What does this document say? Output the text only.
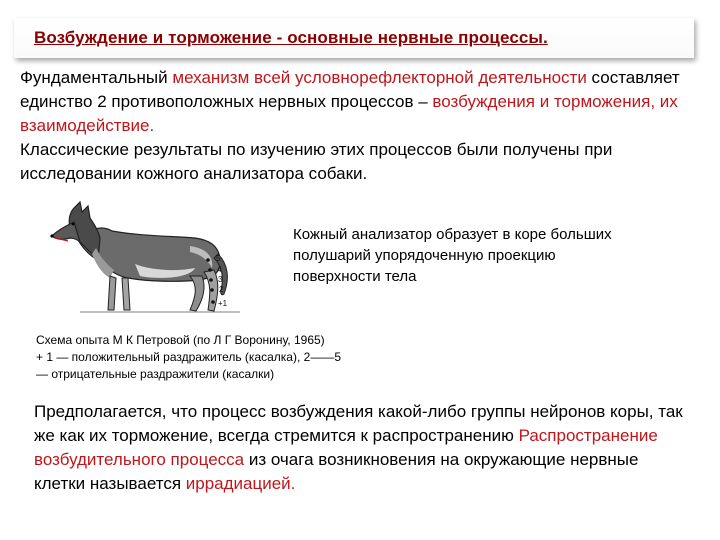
Возбуждение и торможение - основные нервные процессы.
Фундаментальный механизм всей условнорефлекторной деятельности составляет единство 2 противоположных нервных процессов – возбуждения и торможения, их взаимодействие.
Классические результаты по изучению этих процессов были получены при исследовании кожного анализатора собаки.
5
4
3
2
+1
Кожный анализатор образует в коре больших полушарий упорядоченную проекцию поверхности тела
Схема опыта М К Петровой (по Л Г Воронину, 1965)
+ 1 — положительный раздражитель (касалка), 2——5
— отрицательные раздражители (касалки)
Предполагается, что процесс возбуждения какой-либо группы нейронов коры, так же как их торможение, всегда стремится к распространению Распространение возбудительного процесса из очага возникновения на окружающие нервные клетки называется иррадиацией.
